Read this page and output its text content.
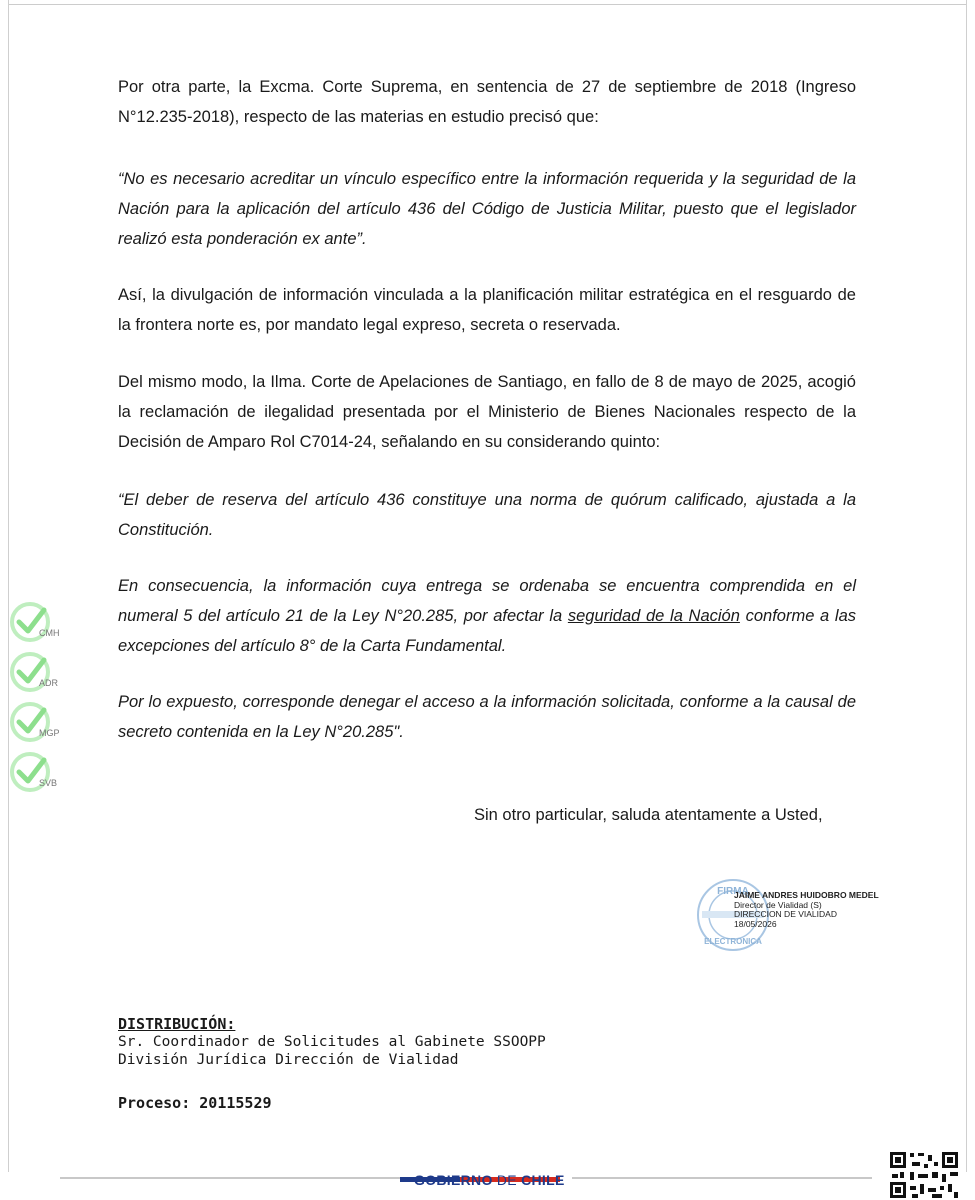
Por otra parte, la Excma. Corte Suprema, en sentencia de 27 de septiembre de 2018 (Ingreso N°12.235-2018), respecto de las materias en estudio precisó que:

“No es necesario acreditar un vínculo específico entre la información requerida y la seguridad de la Nación para la aplicación del artículo 436 del Código de Justicia Militar, puesto que el legislador realizó esta ponderación ex ante”.

Así, la divulgación de información vinculada a la planificación militar estratégica en el resguardo de la frontera norte es, por mandato legal expreso, secreta o reservada.

Del mismo modo, la Ilma. Corte de Apelaciones de Santiago, en fallo de 8 de mayo de 2025, acogió la reclamación de ilegalidad presentada por el Ministerio de Bienes Nacionales respecto de la Decisión de Amparo Rol C7014-24, señalando en su considerando quinto:

“El deber de reserva del artículo 436 constituye una norma de quórum calificado, ajustada a la Constitución.

En consecuencia, la información cuya entrega se ordenaba se encuentra comprendida en el numeral 5 del artículo 21 de la Ley N°20.285, por afectar la seguridad de la Nación conforme a las excepciones del artículo 8° de la Carta Fundamental.

Por lo expuesto, corresponde denegar el acceso a la información solicitada, conforme a la causal de secreto contenida en la Ley N°20.285".

Sin otro particular, saluda atentamente a Usted,
CMH
ADR
MGP
SVB
FIRMA
ELECTRONICA
JAIME ANDRES HUIDOBRO MEDEL
Director de Vialidad (S)
DIRECCION DE VIALIDAD
18/05/2026
DISTRIBUCIÓN:
Sr. Coordinador de Solicitudes al Gabinete SSOOPP
División Jurídica Dirección de Vialidad
Proceso: 20115529
GOBIERNO DE CHILE
